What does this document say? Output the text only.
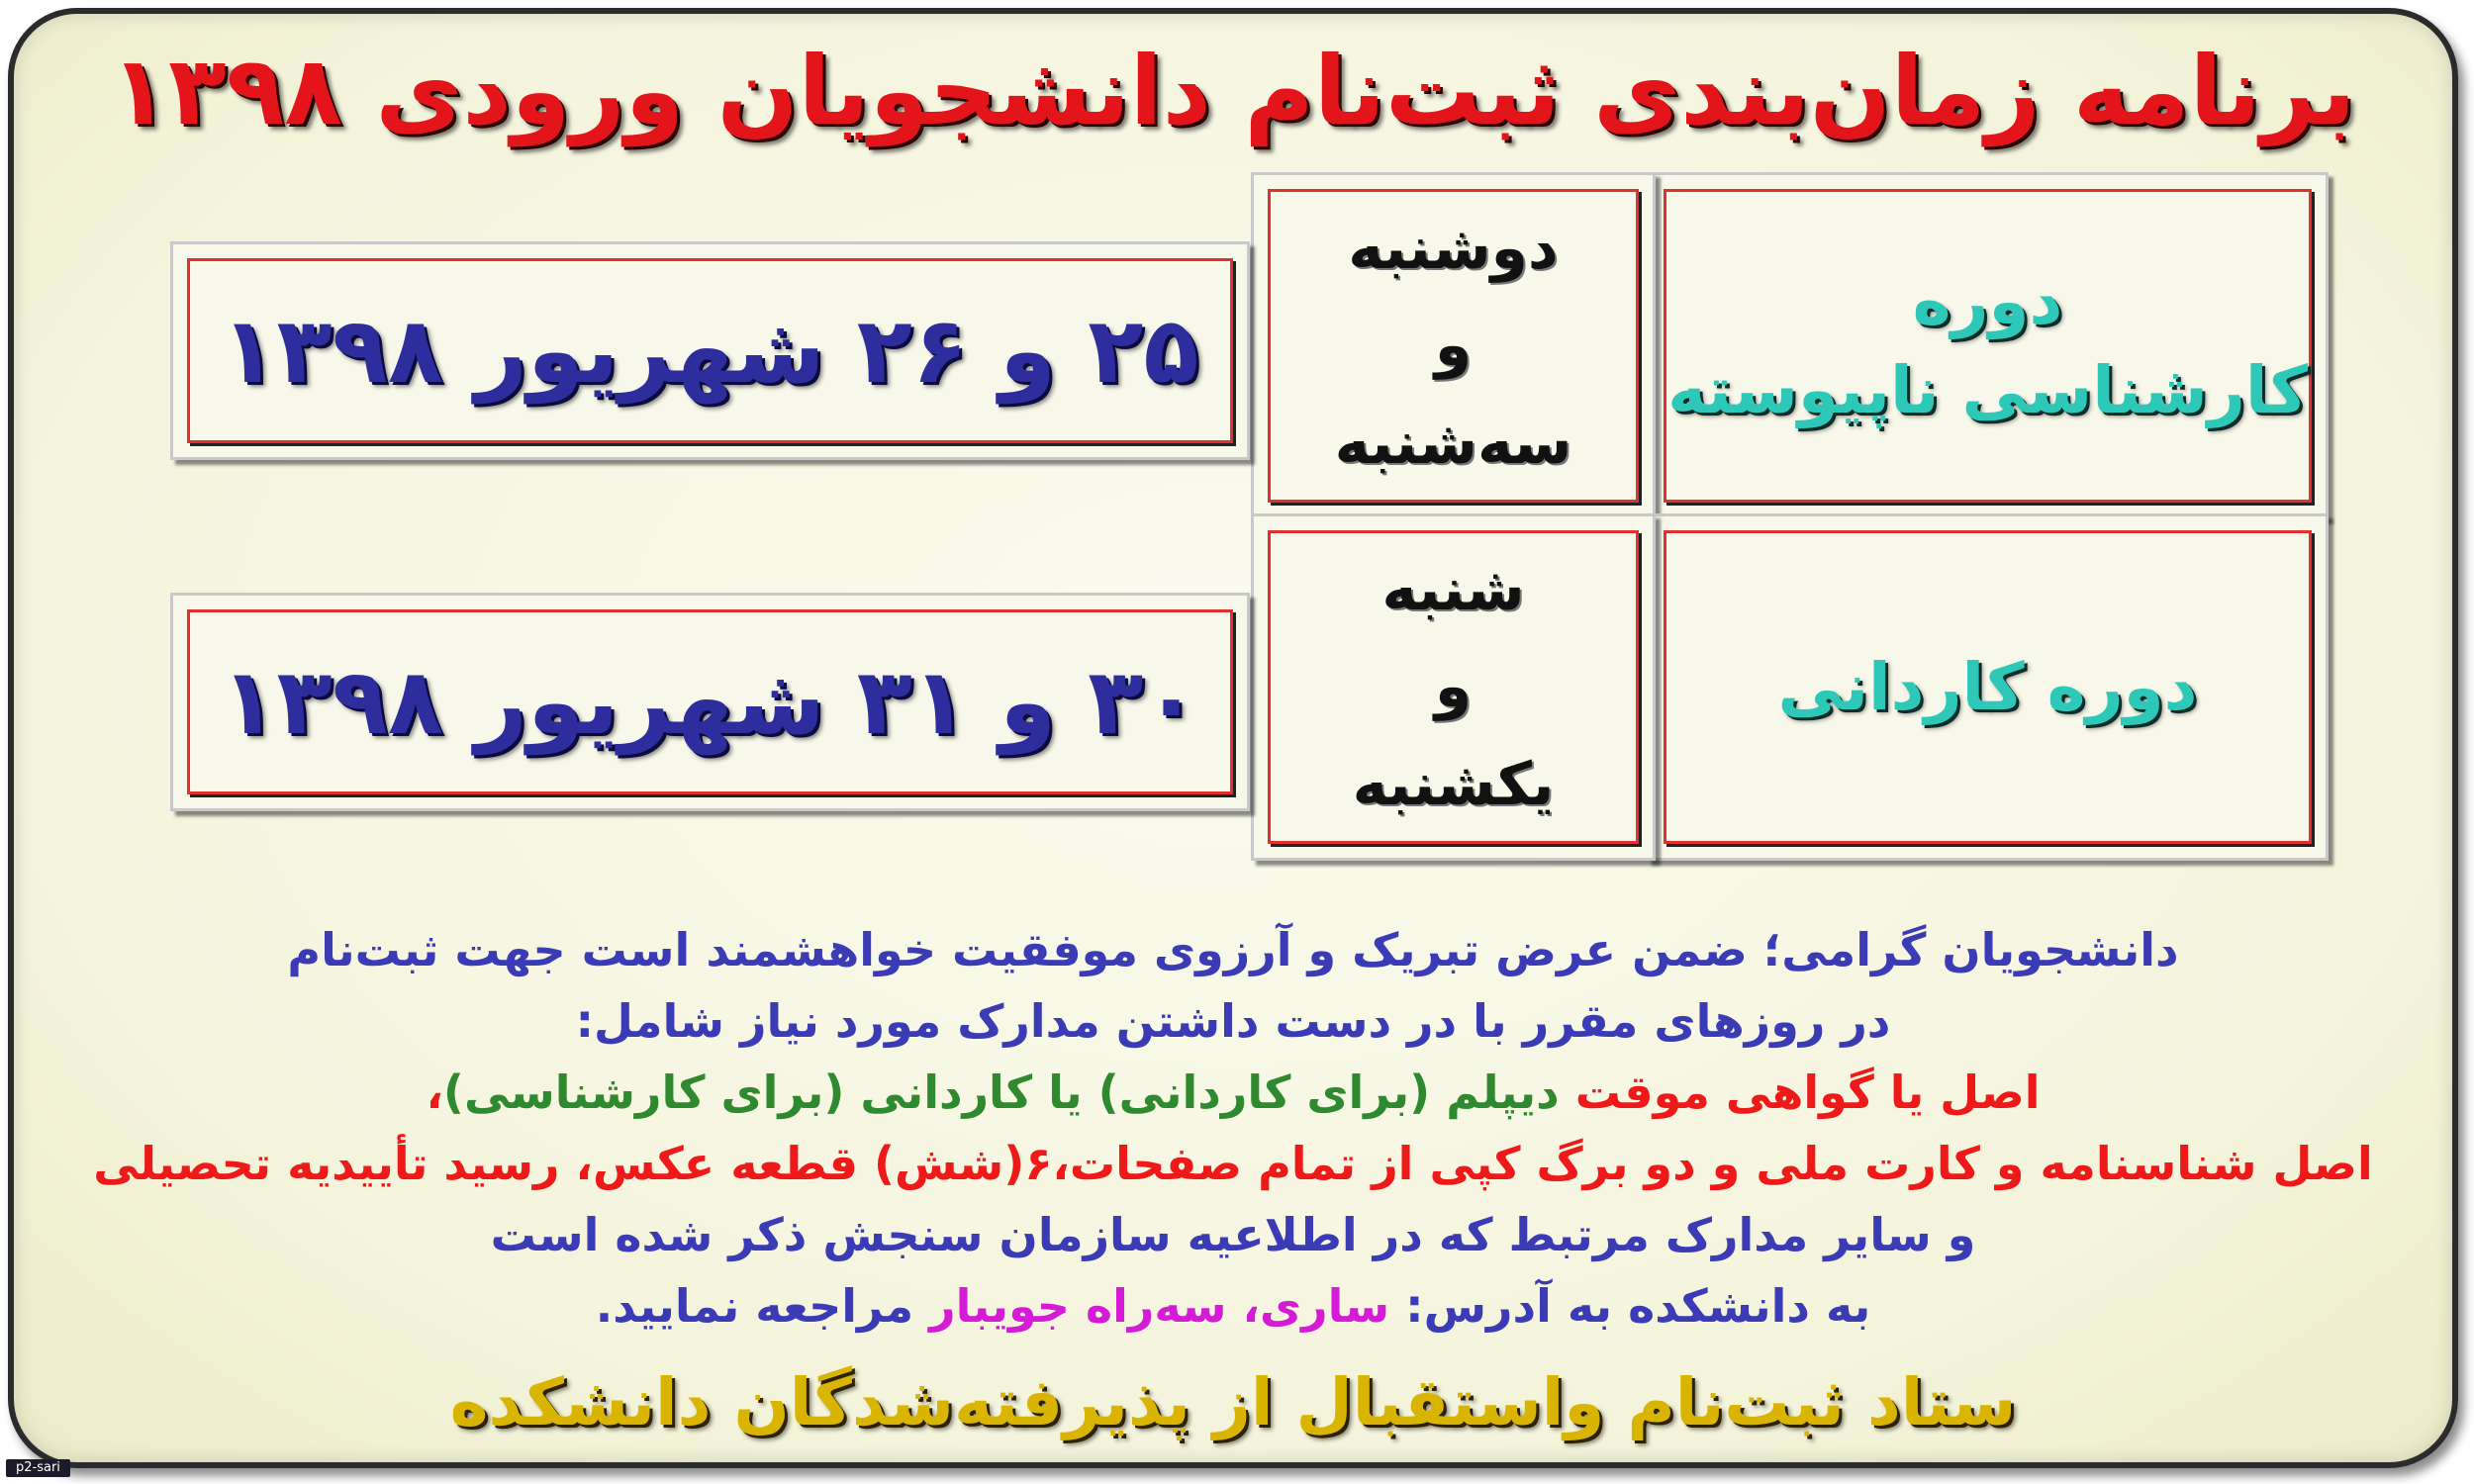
برنامه زمان‌بندی ثبت‌نام دانشجویان ورودی ۱۳۹۸
دوره
کارشناسی ناپیوسته
دوشنبه
و
سه‌شنبه
۲۵ و ۲۶ شهریور ۱۳۹۸
دوره کاردانی
شنبه
و
یکشنبه
۳۰ و ۳۱ شهریور ۱۳۹۸
دانشجویان گرامی؛ ضمن عرض تبریک و آرزوی موفقیت خواهشمند است جهت ثبت‌نام
در روزهای مقرر با در دست داشتن مدارک مورد نیاز شامل:
اصل یا گواهی موقت دیپلم (برای کاردانی) یا کاردانی (برای کارشناسی)،
اصل شناسنامه و کارت ملی و دو برگ کپی از تمام صفحات،۶(شش) قطعه عکس، رسید تأییدیه تحصیلی
و سایر مدارک مرتبط که در اطلاعیه سازمان سنجش ذکر شده است
به دانشکده به آدرس: ساری، سه‌راه جویبار مراجعه نمایید.
ستاد ثبت‌نام واستقبال از پذیرفته‌شدگان دانشکده
p2-sari
